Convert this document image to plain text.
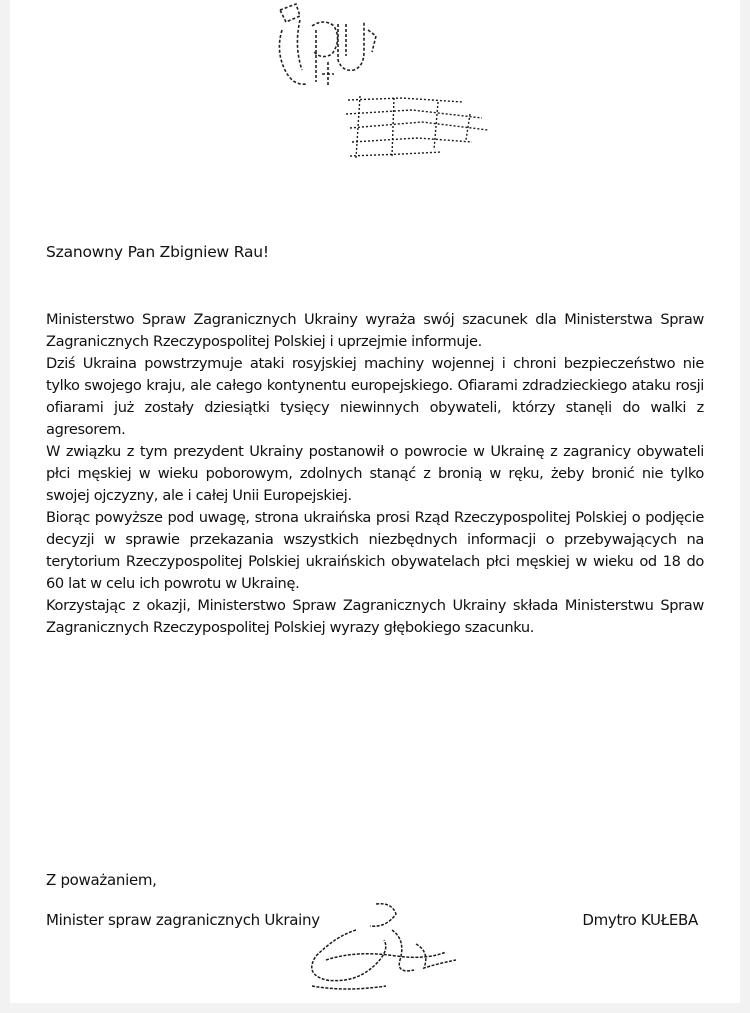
Szanowny Pan Zbigniew Rau!

Ministerstwo Spraw Zagranicznych Ukrainy wyraża swój szacunek dla Ministerstwa Spraw Zagranicznych Rzeczypospolitej Polskiej i uprzejmie informuje.

Dziś Ukraina powstrzymuje ataki rosyjskiej machiny wojennej i chroni bezpieczeństwo nie tylko swojego kraju, ale całego kontynentu europejskiego. Ofiarami zdradzieckiego ataku rosji ofiarami już zostały dziesiątki tysięcy niewinnych obywateli, którzy stanęli do walki z agresorem.

W związku z tym prezydent Ukrainy postanowił o powrocie w Ukrainę z zagranicy obywateli płci męskiej w wieku poborowym, zdolnych stanąć z bronią w ręku, żeby bronić nie tylko swojej ojczyzny, ale i całej Unii Europejskiej.

Biorąc powyższe pod uwagę, strona ukraińska prosi Rząd Rzeczypospolitej Polskiej o podjęcie decyzji w sprawie przekazania wszystkich niezbędnych informacji o przebywających na terytorium Rzeczypospolitej Polskiej ukraińskich obywatelach płci męskiej w wieku od 18 do 60 lat w celu ich powrotu w Ukrainę.

Korzystając z okazji, Ministerstwo Spraw Zagranicznych Ukrainy składa Ministerstwu Spraw Zagranicznych Rzeczypospolitej Polskiej wyrazy głębokiego szacunku.

Z poważaniem,
Minister spraw zagranicznych Ukrainy	Dmytro KUŁEBA
